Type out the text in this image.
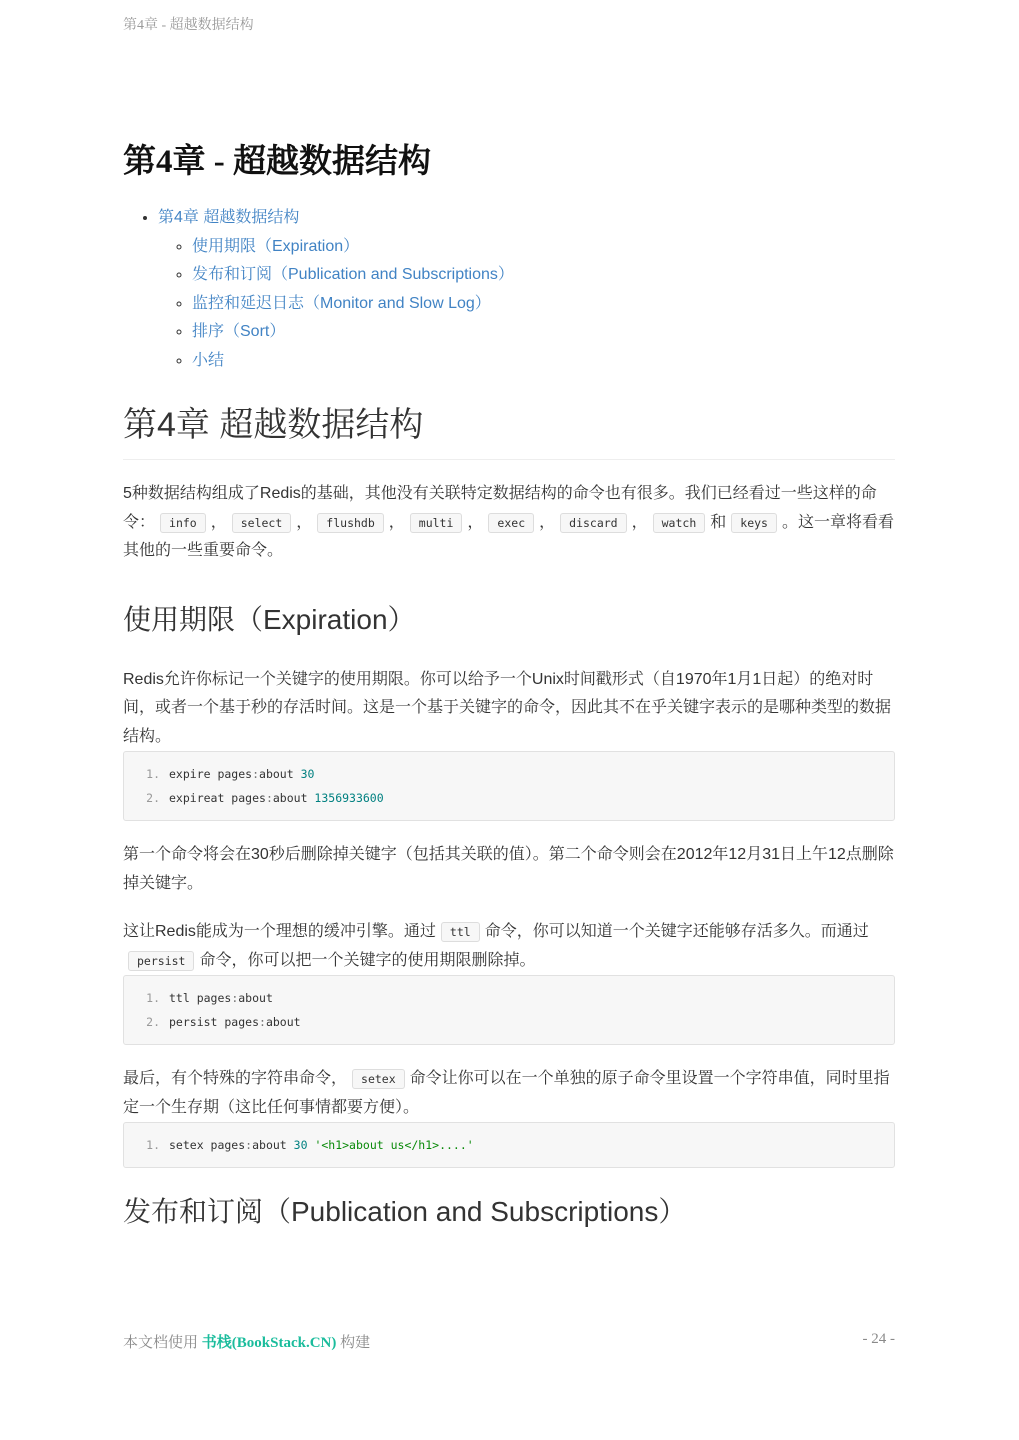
第4章 - 超越数据结构
第4章 - 超越数据结构
• 第4章 超越数据结构
◦ 使用期限（Expiration）
◦ 发布和订阅（Publication and Subscriptions）
◦ 监控和延迟日志（Monitor and Slow Log）
◦ 排序（Sort）
◦ 小结
第4章 超越数据结构

5种数据结构组成了Redis的基础，其他没有关联特定数据结构的命令也有很多。我们已经看过一些这样的命令： info ， select ， flushdb ， multi ， exec ， discard ， watch 和 keys 。这一章将看看其他的一些重要命令。

使用期限（Expiration）

Redis允许你标记一个关键字的使用期限。你可以给予一个Unix时间戳形式（自1970年1月1日起）的绝对时间，或者一个基于秒的存活时间。这是一个基于关键字的命令，因此其不在乎关键字表示的是哪种类型的数据结构。

1. expire pages:about 30
2. expireat pages:about 1356933600

第一个命令将会在30秒后删除掉关键字（包括其关联的值）。第二个命令则会在2012年12月31日上午12点删除掉关键字。

这让Redis能成为一个理想的缓冲引擎。通过 ttl 命令，你可以知道一个关键字还能够存活多久。而通过persist 命令，你可以把一个关键字的使用期限删除掉。

1. ttl pages:about
2. persist pages:about

最后，有个特殊的字符串命令， setex 命令让你可以在一个单独的原子命令里设置一个字符串值，同时里指定一个生存期（这比任何事情都要方便）。

1. setex pages:about 30 '<h1>about us</h1>....'
发布和订阅（Publication and Subscriptions）
本文档使用 书栈(BookStack.CN) 构建	- 24 -
